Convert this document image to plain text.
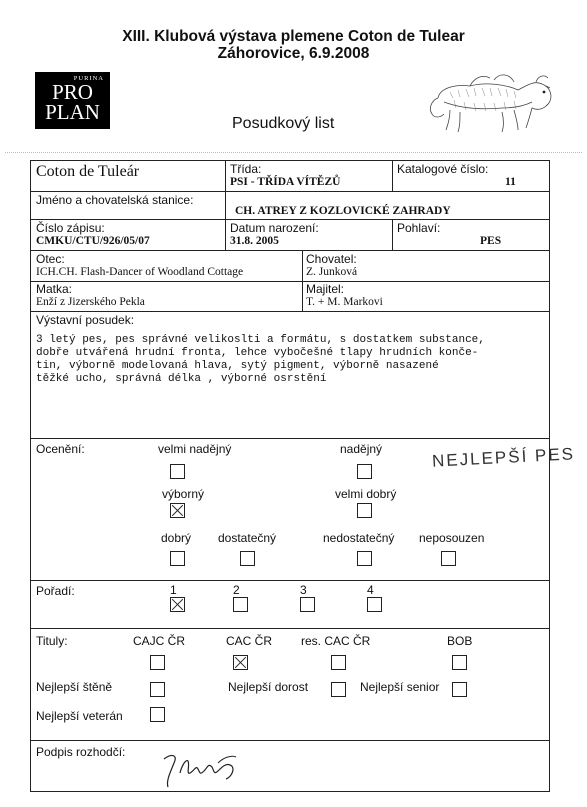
XIII. Klubová výstava plemene Coton de Tulear
Záhorovice, 6.9.2008
PURINA
PRO
PLAN	Posudkový list
Coton de Tuleár	Třída:
PSI - TŘÍDA VÍTĚZŮ
Katalogové číslo:
11
Jméno a chovatelská stanice:
CH. ATREY Z KOZLOVICKÉ ZAHRADY
Číslo zápisu:
CMKU/CTU/926/05/07
Datum narození:
31.8. 2005
Pohlaví:
PES
Otec:
ICH.CH. Flash-Dancer of Woodland Cottage
Chovatel:
Z. Junková
Matka:
Enží z Jizerského Pekla
Majitel:
T. + M. Markovi
Výstavní posudek:
3 letý pes, pes správné velikoslti a formátu, s dostatkem substance,
dobře utvářená hrudní fronta, lehce vybočešné tlapy hrudních konče-
tin, výborně modelovaná hlava, sytý pigment, výborně nasazené
těžké ucho, správná délka , výborné osrstění
Ocenění:	velmi nadějný	nadějný	NEJLEPŠÍ PES
výborný	velmi dobrý
dobrý dostatečný	nedostatečný neposouzen
Pořadí:	1	2	3	4
Tituly:	CAJC ČR	CAC ČR res. CAC ČR	BOB
Nejlepší štěně	Nejlepší dorost	Nejlepší senior
Nejlepší veterán
Podpis rozhodčí:
